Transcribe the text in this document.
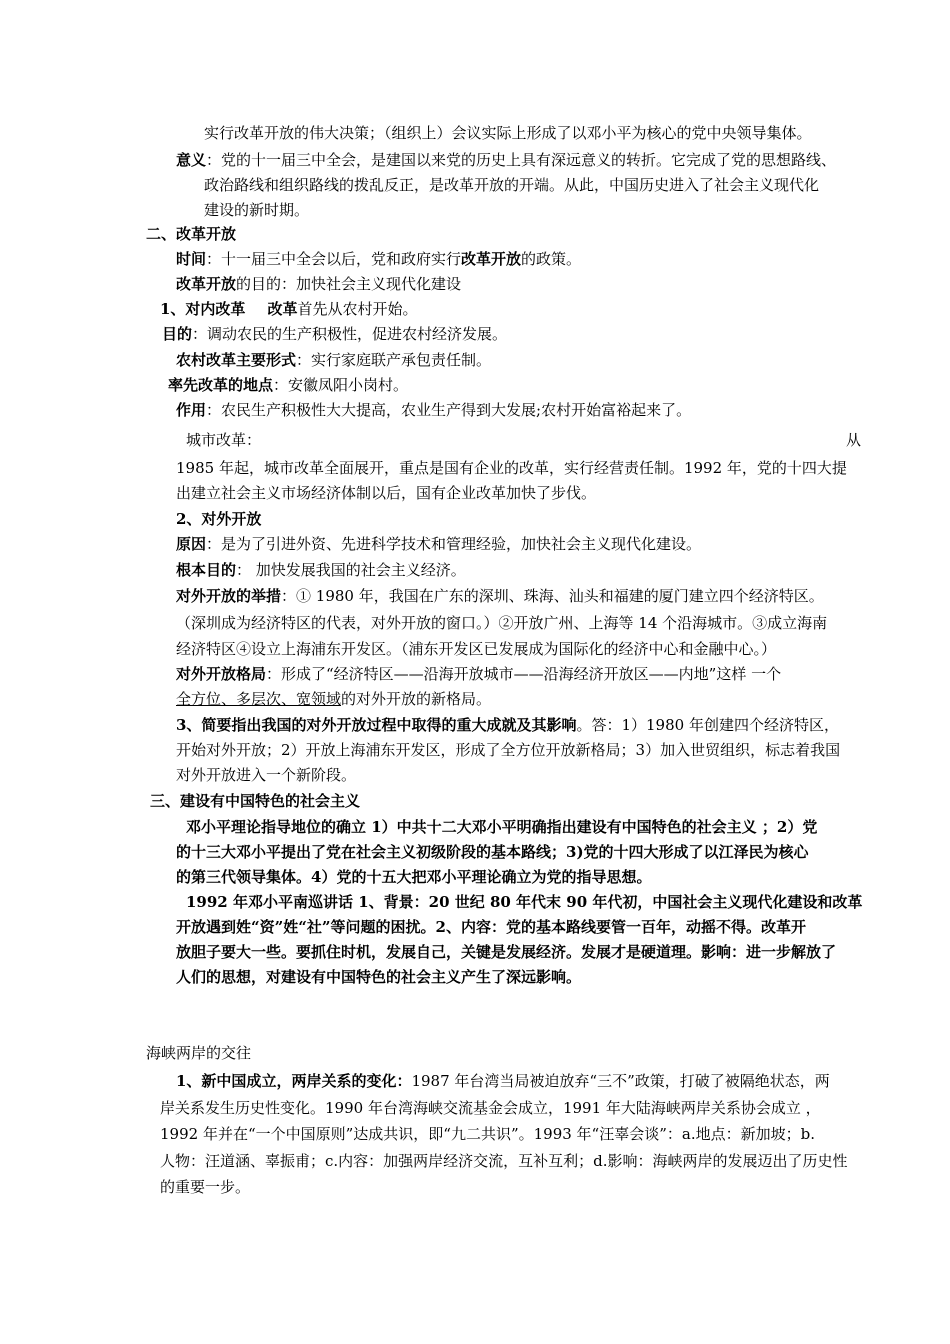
实行改革开放的伟大决策；（组织上）会议实际上形成了以邓小平为核心的党中央领导集体。
意义：党的十一届三中全会，是建国以来党的历史上具有深远意义的转折。它完成了党的思想路线、
政治路线和组织路线的拨乱反正，是改革开放的开端。从此，中国历史进入了社会主义现代化
建设的新时期。
二、改革开放
时间：十一届三中全会以后，党和政府实行改革开放的政策。
改革开放的目的：加快社会主义现代化建设
1、对内改革 改革首先从农村开始。
目的：调动农民的生产积极性，促进农村经济发展。
农村改革主要形式：实行家庭联产承包责任制。
率先改革的地点：安徽凤阳小岗村。
作用：农民生产积极性大大提高，农业生产得到大发展;农村开始富裕起来了。
城市改革：	从
1985 年起，城市改革全面展开，重点是国有企业的改革，实行经营责任制。1992 年，党的十四大提
出建立社会主义市场经济体制以后，国有企业改革加快了步伐。
2、对外开放
原因：是为了引进外资、先进科学技术和管理经验，加快社会主义现代化建设。
根本目的： 加快发展我国的社会主义经济。
对外开放的举措：① 1980 年，我国在广东的深圳、珠海、汕头和福建的厦门建立四个经济特区。
（深圳成为经济特区的代表，对外开放的窗口。）②开放广州、上海等 14 个沿海城市。③成立海南
经济特区④设立上海浦东开发区。（浦东开发区已发展成为国际化的经济中心和金融中心。）
对外开放格局：形成了“经济特区——沿海开放城市——沿海经济开放区——内地”这样 一个
全方位、多层次、宽领域的对外开放的新格局。
3、简要指出我国的对外开放过程中取得的重大成就及其影响。答：1）1980 年创建四个经济特区，
开始对外开放；2）开放上海浦东开发区，形成了全方位开放新格局；3）加入世贸组织，标志着我国
对外开放进入一个新阶段。
三、建设有中国特色的社会主义
邓小平理论指导地位的确立 1）中共十二大邓小平明确指出建设有中国特色的社会主义 ；2）党
的十三大邓小平提出了党在社会主义初级阶段的基本路线；3)党的十四大形成了以江泽民为核心
的第三代领导集体。4）党的十五大把邓小平理论确立为党的指导思想。
1992 年邓小平南巡讲话 1、背景：20 世纪 80 年代末 90 年代初，中国社会主义现代化建设和改革
开放遇到姓“资”姓“社”等问题的困扰。2、内容：党的基本路线要管一百年，动摇不得。改革开
放胆子要大一些。要抓住时机，发展自己，关键是发展经济。发展才是硬道理。影响：进一步解放了
人们的思想，对建设有中国特色的社会主义产生了深远影响。
海峡两岸的交往
1、新中国成立，两岸关系的变化：1987 年台湾当局被迫放弃“三不”政策，打破了被隔绝状态，两
岸关系发生历史性变化。1990 年台湾海峡交流基金会成立，1991 年大陆海峡两岸关系协会成立 ，
1992 年并在“一个中国原则”达成共识，即“九二共识”。1993 年“汪辜会谈”：a.地点：新加坡；b.
人物：汪道涵、辜振甫；c.内容：加强两岸经济交流，互补互利；d.影响：海峡两岸的发展迈出了历史性
的重要一步。
